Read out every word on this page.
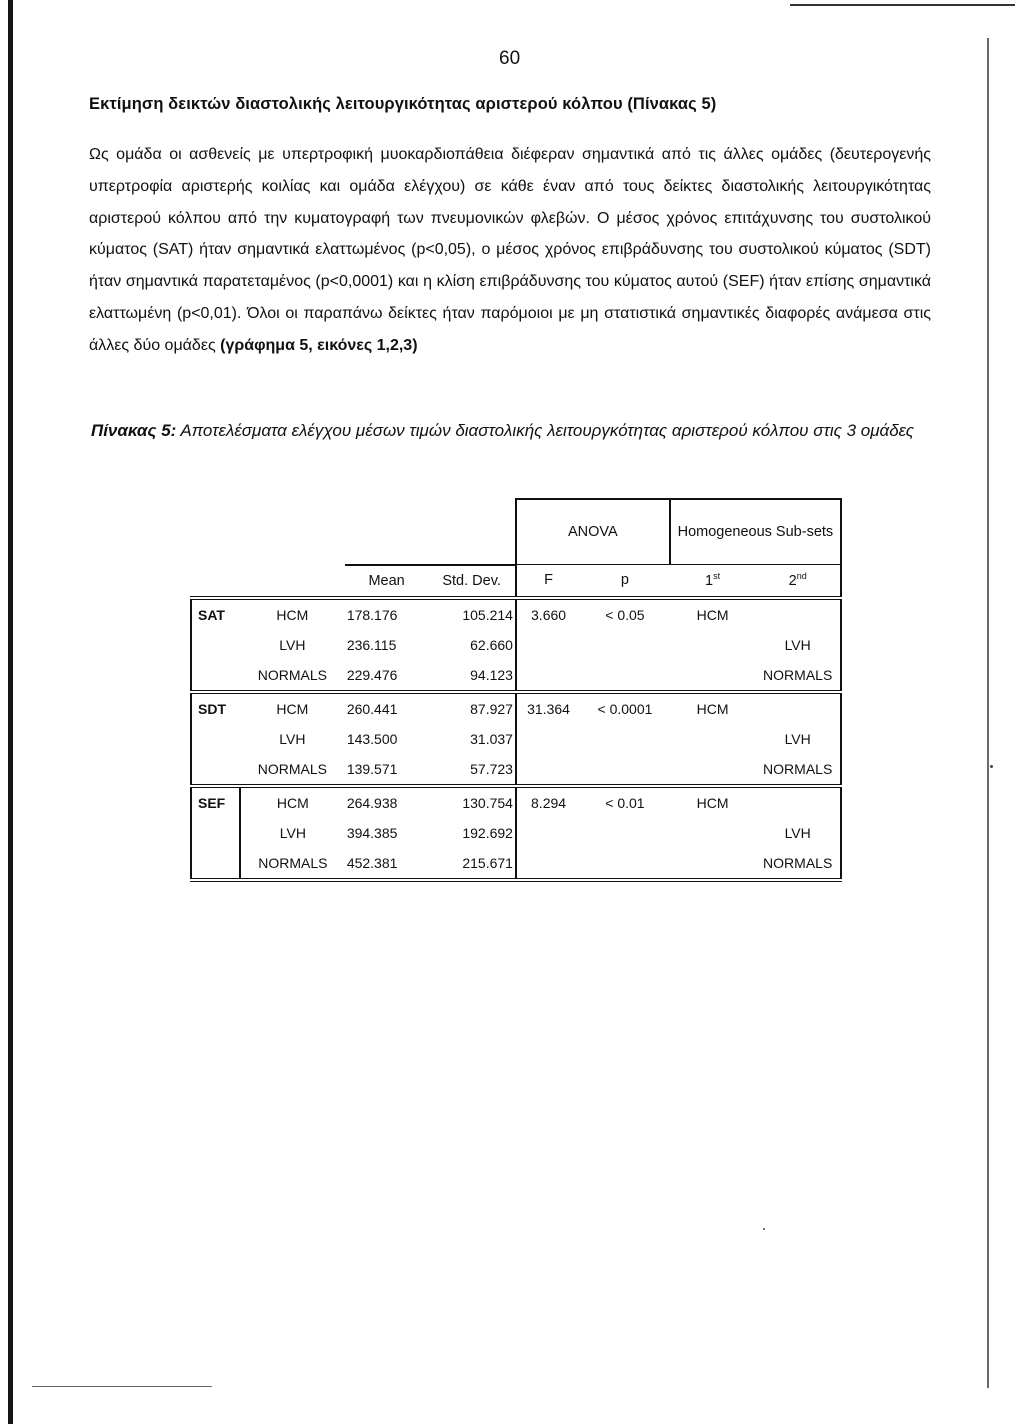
60
Εκτίμηση δεικτών διαστολικής λειτουργικότητας αριστερού κόλπου (Πίνακας 5)

Ως ομάδα οι ασθενείς με υπερτροφική μυοκαρδιοπάθεια διέφεραν σημαντικά από τις άλλες ομάδες (δευτερογενής υπερτροφία αριστερής κοιλίας και ομάδα ελέγχου) σε κάθε έναν από τους δείκτες διαστολικής λειτουργικότητας αριστερού κόλπου από την κυματογραφή των πνευμονικών φλεβών. Ο μέσος χρόνος επιτάχυνσης του συστολικού κύματος (SAT) ήταν σημαντικά ελαττωμένος (p<0,05), ο μέσος χρόνος επιβράδυνσης του συστολικού κύματος (SDT) ήταν σημαντικά παρατεταμένος (p<0,0001) και η κλίση επιβράδυνσης του κύματος αυτού (SEF) ήταν επίσης σημαντικά ελαττωμένη (p<0,01). Όλοι οι παραπάνω δείκτες ήταν παρόμοιοι με μη στατιστικά σημαντικές διαφορές ανάμεσα στις άλλες δύο ομάδες (γράφημα 5, εικόνες 1,2,3)

Πίνακας 5: Αποτελέσματα ελέγχου μέσων τιμών διαστολικής λειτουργκότητας αριστερού κόλπου στις 3 ομάδες

				ANOVA		Homogeneous Sub-sets	
		Mean	Std. Dev.	F	p	1st	2nd
SAT	HCM	178.176	105.214	3.660	< 0.05	HCM	
	LVH	236.115	62.660				LVH
	NORMALS	229.476	94.123				NORMALS
SDT	HCM	260.441	87.927	31.364	< 0.0001	HCM	
	LVH	143.500	31.037				LVH
	NORMALS	139.571	57.723				NORMALS
SEF	HCM	264.938	130.754	8.294	< 0.01	HCM	
	LVH	394.385	192.692				LVH
	NORMALS	452.381	215.671				NORMALS
